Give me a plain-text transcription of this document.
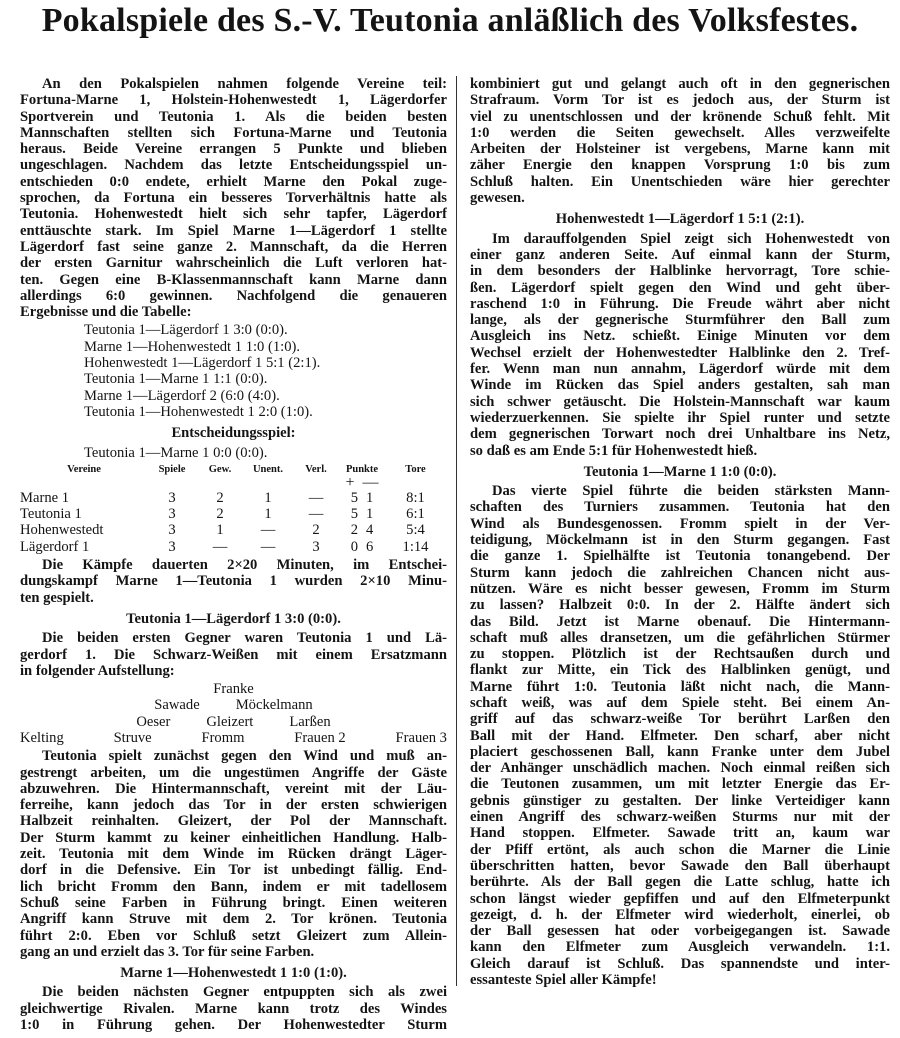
Pokalspiele des S.-V. Teutonia anläßlich des Volksfestes.
An den Pokalspielen nahmen folgende Vereine teil:
Fortuna-Marne 1, Holstein-Hohenwestedt 1, Lägerdorfer
Sportverein und Teutonia 1. Als die beiden besten
Mannschaften stellten sich Fortuna-Marne und Teutonia
heraus. Beide Vereine errangen 5 Punkte und blieben
ungeschlagen. Nachdem das letzte Entscheidungsspiel un-
entschieden 0:0 endete, erhielt Marne den Pokal zuge-
sprochen, da Fortuna ein besseres Torverhältnis hatte als
Teutonia. Hohenwestedt hielt sich sehr tapfer, Lägerdorf
enttäuschte stark. Im Spiel Marne 1—Lägerdorf 1 stellte
Lägerdorf fast seine ganze 2. Mannschaft, da die Herren
der ersten Garnitur wahrscheinlich die Luft verloren hat-
ten. Gegen eine B-Klassenmannschaft kann Marne dann
allerdings 6:0 gewinnen. Nachfolgend die genaueren
Ergebnisse und die Tabelle:
Teutonia 1—Lägerdorf 1 3:0 (0:0).
Marne 1—Hohenwestedt 1 1:0 (1:0).
Hohenwestedt 1—Lägerdorf 1 5:1 (2:1).
Teutonia 1—Marne 1 1:1 (0:0).
Marne 1—Lägerdorf 2 (6:0 (4:0).
Teutonia 1—Hohenwestedt 1 2:0 (1:0).
Entscheidungsspiel:
Teutonia 1—Marne 1 0:0 (0:0).
Vereine	Spiele	Gew.	Unent.	Verl.	Punkte	Tore
+ —
Marne 1	3	2	1	—	5 1	8:1
Teutonia 1	3	2	1	—	5 1	6:1
Hohenwestedt	3	1	—	2	2 4	5:4
Lägerdorf 1	3	—	—	3	0 6	1:14
Die Kämpfe dauerten 2×20 Minuten, im Entschei-
dungskampf Marne 1—Teutonia 1 wurden 2×10 Minu-
ten gespielt.
Teutonia 1—Lägerdorf 1 3:0 (0:0).
Die beiden ersten Gegner waren Teutonia 1 und Lä-
gerdorf 1. Die Schwarz-Weißen mit einem Ersatzmann
in folgender Aufstellung:
Franke
Sawade Möckelmann
Oeser Gleizert Larßen
Kelting	Struve	Fromm	Frauen 2	Frauen 3
Teutonia spielt zunächst gegen den Wind und muß an-
gestrengt arbeiten, um die ungestümen Angriffe der Gäste
abzuwehren. Die Hintermannschaft, vereint mit der Läu-
ferreihe, kann jedoch das Tor in der ersten schwierigen
Halbzeit reinhalten. Gleizert, der Pol der Mannschaft.
Der Sturm kammt zu keiner einheitlichen Handlung. Halb-
zeit. Teutonia mit dem Winde im Rücken drängt Läger-
dorf in die Defensive. Ein Tor ist unbedingt fällig. End-
lich bricht Fromm den Bann, indem er mit tadellosem
Schuß seine Farben in Führung bringt. Einen weiteren
Angriff kann Struve mit dem 2. Tor krönen. Teutonia
führt 2:0. Eben vor Schluß setzt Gleizert zum Allein-
gang an und erzielt das 3. Tor für seine Farben.
Marne 1—Hohenwestedt 1 1:0 (1:0).
Die beiden nächsten Gegner entpuppten sich als zwei
gleichwertige Rivalen. Marne kann trotz des Windes
1:0 in Führung gehen. Der Hohenwestedter Sturm
kombiniert gut und gelangt auch oft in den gegnerischen
Strafraum. Vorm Tor ist es jedoch aus, der Sturm ist
viel zu unentschlossen und der krönende Schuß fehlt. Mit
1:0 werden die Seiten gewechselt. Alles verzweifelte
Arbeiten der Holsteiner ist vergebens, Marne kann mit
zäher Energie den knappen Vorsprung 1:0 bis zum
Schluß halten. Ein Unentschieden wäre hier gerechter
gewesen.
Hohenwestedt 1—Lägerdorf 1 5:1 (2:1).
Im darauffolgenden Spiel zeigt sich Hohenwestedt von
einer ganz anderen Seite. Auf einmal kann der Sturm,
in dem besonders der Halblinke hervorragt, Tore schie-
ßen. Lägerdorf spielt gegen den Wind und geht über-
raschend 1:0 in Führung. Die Freude währt aber nicht
lange, als der gegnerische Sturmführer den Ball zum
Ausgleich ins Netz. schießt. Einige Minuten vor dem
Wechsel erzielt der Hohenwestedter Halblinke den 2. Tref-
fer. Wenn man nun annahm, Lägerdorf würde mit dem
Winde im Rücken das Spiel anders gestalten, sah man
sich schwer getäuscht. Die Holstein-Mannschaft war kaum
wiederzuerkennen. Sie spielte ihr Spiel runter und setzte
dem gegnerischen Torwart noch drei Unhaltbare ins Netz,
so daß es am Ende 5:1 für Hohenwestedt hieß.
Teutonia 1—Marne 1 1:0 (0:0).
Das vierte Spiel führte die beiden stärksten Mann-
schaften des Turniers zusammen. Teutonia hat den
Wind als Bundesgenossen. Fromm spielt in der Ver-
teidigung, Möckelmann ist in den Sturm gegangen. Fast
die ganze 1. Spielhälfte ist Teutonia tonangebend. Der
Sturm kann jedoch die zahlreichen Chancen nicht aus-
nützen. Wäre es nicht besser gewesen, Fromm im Sturm
zu lassen? Halbzeit 0:0. In der 2. Hälfte ändert sich
das Bild. Jetzt ist Marne obenauf. Die Hintermann-
schaft muß alles dransetzen, um die gefährlichen Stürmer
zu stoppen. Plötzlich ist der Rechtsaußen durch und
flankt zur Mitte, ein Tick des Halblinken genügt, und
Marne führt 1:0. Teutonia läßt nicht nach, die Mann-
schaft weiß, was auf dem Spiele steht. Bei einem An-
griff auf das schwarz-weiße Tor berührt Larßen den
Ball mit der Hand. Elfmeter. Den scharf, aber nicht
placiert geschossenen Ball, kann Franke unter dem Jubel
der Anhänger unschädlich machen. Noch einmal reißen sich
die Teutonen zusammen, um mit letzter Energie das Er-
gebnis günstiger zu gestalten. Der linke Verteidiger kann
einen Angriff des schwarz-weißen Sturms nur mit der
Hand stoppen. Elfmeter. Sawade tritt an, kaum war
der Pfiff ertönt, als auch schon die Marner die Linie
überschritten hatten, bevor Sawade den Ball überhaupt
berührte. Als der Ball gegen die Latte schlug, hatte ich
schon längst wieder gepfiffen und auf den Elfmeterpunkt
gezeigt, d. h. der Elfmeter wird wiederholt, einerlei, ob
der Ball gesessen hat oder vorbeigegangen ist. Sawade
kann den Elfmeter zum Ausgleich verwandeln. 1:1.
Gleich darauf ist Schluß. Das spannendste und inter-
essanteste Spiel aller Kämpfe!
